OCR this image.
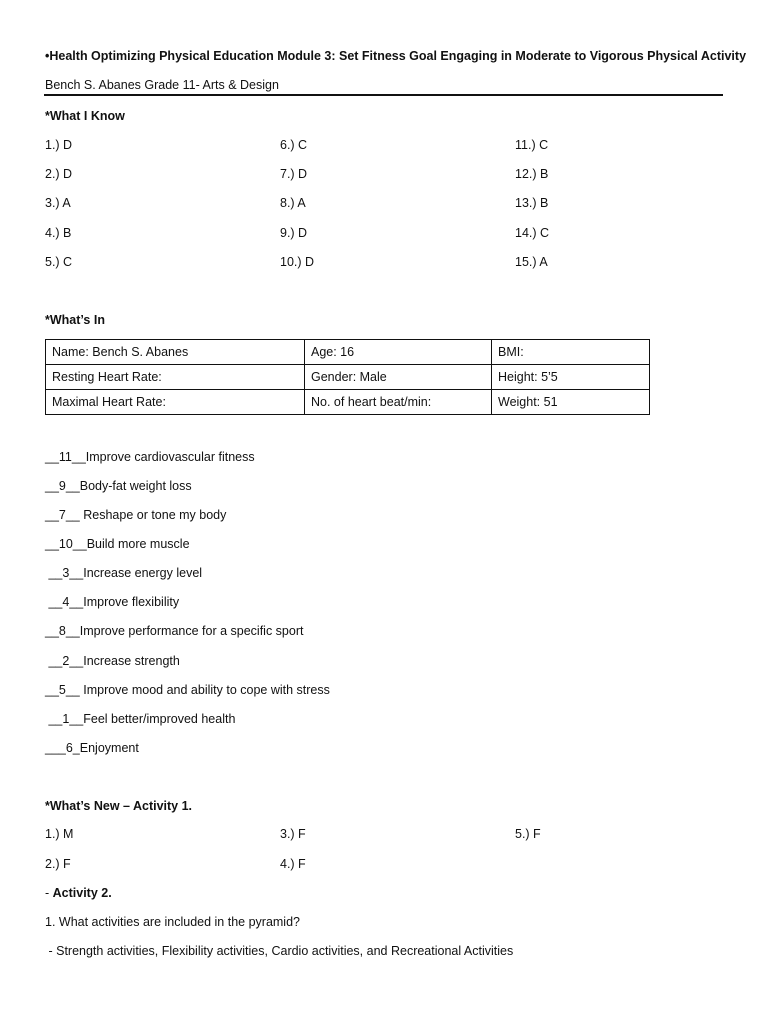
•Health Optimizing Physical Education Module 3: Set Fitness Goal Engaging in Moderate to Vigorous Physical Activity
Bench S. Abanes Grade 11- Arts & Design
*What I Know
1.) D	6.) C	11.) C
2.) D	7.) D	12.) B
3.) A	8.) A	13.) B
4.) B	9.) D	14.) C
5.) C	10.) D	15.) A
*What’s In
Name: Bench S. Abanes	Age: 16	BMI:
Resting Heart Rate:	Gender: Male	Height: 5’5
Maximal Heart Rate:	No. of heart beat/min:	Weight: 51
__11__Improve cardiovascular fitness
__9__Body-fat weight loss
__7__ Reshape or tone my body
__10__Build more muscle
__3__Increase energy level
__4__Improve flexibility
__8__Improve performance for a specific sport
__2__Increase strength
__5__ Improve mood and ability to cope with stress
__1__Feel better/improved health
___6_Enjoyment
*What’s New – Activity 1.
1.) M	3.) F	5.) F
2.) F	4.) F
- Activity 2.
1. What activities are included in the pyramid?
- Strength activities, Flexibility activities, Cardio activities, and Recreational Activities
